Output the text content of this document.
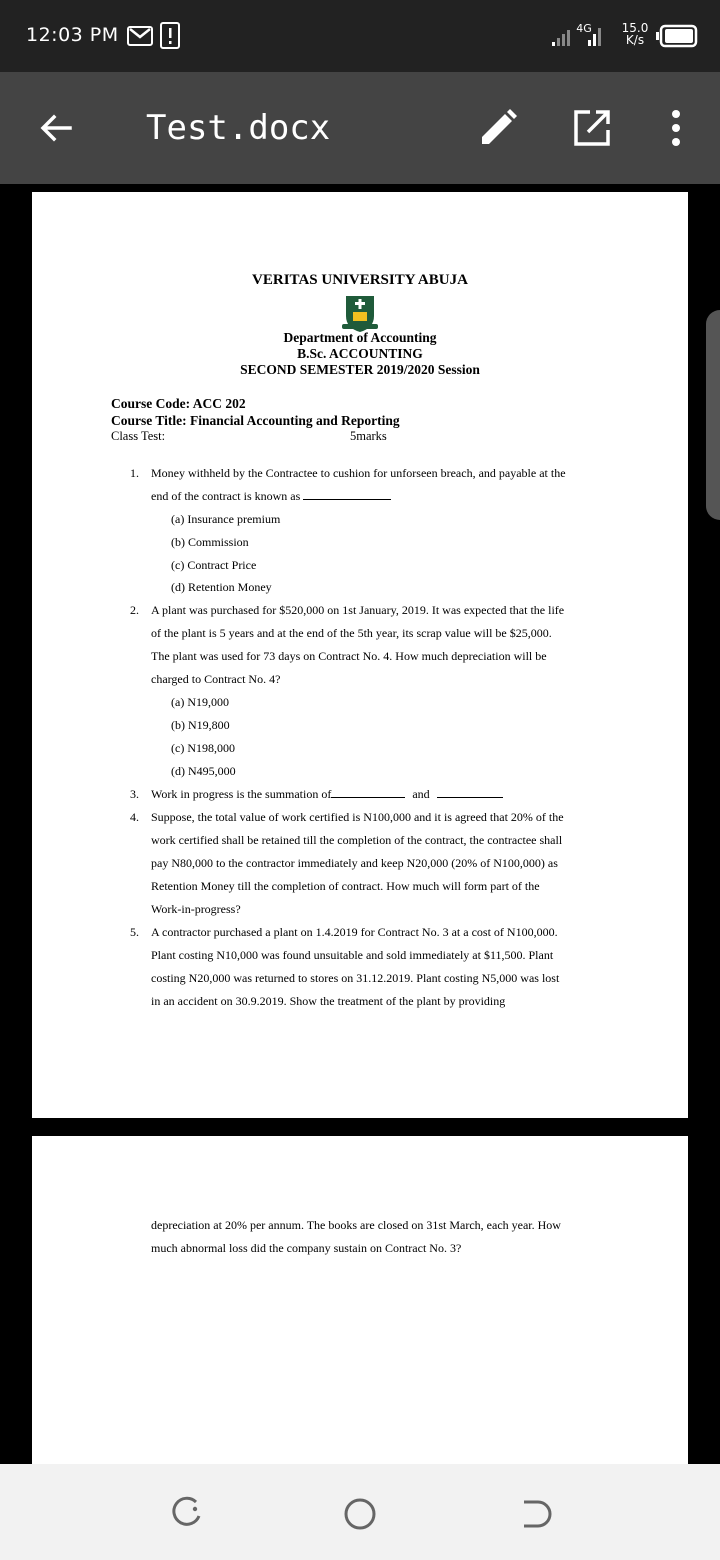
12:03 PM	4G	15.0
K/s
Test.docx
VERITAS UNIVERSITY ABUJA
Department of Accounting
B.Sc. ACCOUNTING
SECOND SEMESTER 2019/2020 Session
Course Code: ACC 202
Course Title: Financial Accounting and Reporting
Class Test:	5marks
1. Money withheld by the Contractee to cushion for unforseen breach, and payable at the
end of the contract is known as
(a) Insurance premium
(b) Commission
(c) Contract Price
(d) Retention Money
2. A plant was purchased for $520,000 on 1st January, 2019. It was expected that the life
of the plant is 5 years and at the end of the 5th year, its scrap value will be $25,000.
The plant was used for 73 days on Contract No. 4. How much depreciation will be
charged to Contract No. 4?
(a) N19,000
(b) N19,800
(c) N198,000
(d) N495,000
3. Work in progress is the summation of	and
4. Suppose, the total value of work certified is N100,000 and it is agreed that 20% of the
work certified shall be retained till the completion of the contract, the contractee shall
pay N80,000 to the contractor immediately and keep N20,000 (20% of N100,000) as
Retention Money till the completion of contract. How much will form part of the
Work-in-progress?
5. A contractor purchased a plant on 1.4.2019 for Contract No. 3 at a cost of N100,000.
Plant costing N10,000 was found unsuitable and sold immediately at $11,500. Plant
costing N20,000 was returned to stores on 31.12.2019. Plant costing N5,000 was lost
in an accident on 30.9.2019. Show the treatment of the plant by providing
depreciation at 20% per annum. The books are closed on 31st March, each year. How
much abnormal loss did the company sustain on Contract No. 3?
